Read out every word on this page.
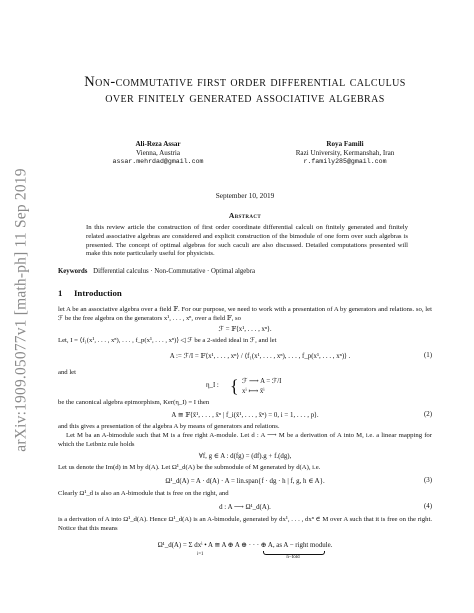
arXiv:1909.05077v1 [math-ph] 11 Sep 2019
Non-commutative first order differential calculus
over finitely generated associative algebras
Ali-Reza Assar
Vienna, Austria
assar.mehrdad@gmail.com
Roya Famili
Razi University, Kermanshah, Iran
r.family285@gmail.com
September 10, 2019
Abstract
In this review article the construction of first order coordinate differential calculi on finitely generated and finitely related associative algebras are considered and explicit construction of the bimodule of one form over such algebras is presented. The concept of optimal algebras for such caculi are also discussed. Detailed computations presented will make this note particularly useful for physicists.
Keywords Differential calculus · Non-Commutative · Optimal algebra
1 Introduction
let A be an associative algebra over a field 𝔽. For our purpose, we need to work with a presentation of A by generators and relations. so, let ℱ be the free algebra on the generators x¹, . . . , xⁿ, over a field 𝔽, so
ℱ = 𝔽⟨x¹, . . . , xⁿ⟩.
Let, I = ⟨f₁(x¹, . . . , xⁿ), . . . , f_p(x¹, . . . , xⁿ)⟩ ◁ ℱ be a 2-sided ideal in ℱ, and let
A := ℱ/I = 𝔽⟨x¹, . . . , xⁿ⟩ / ⟨f₁(x¹, . . . , xⁿ), . . . , f_p(x¹, . . . , xⁿ)⟩ .	(1)
and let
η_I : { ℱ ⟶ A = ℱ/I
xⁱ ⟼ x̄ⁱ
be the canonical algebra epimorphism, Ker(η_I) = I then
A ≅ 𝔽⟨x̄¹, . . . , x̄ⁿ | f_i(x̄¹, . . . , x̄ⁿ) = 0, i = 1, . . . , p⟩.	(2)
and this gives a presentation of the algebra A by means of generators and relations.
Let M ba an A-bimodule such that M is a free right A-module. Let d : A ⟶ M be a derivation of A into M, i.e. a linear mapping for which the Leibniz rule holds
∀f, g ∈ A : d(fg) = (df).g + f.(dg),
Let us denote the Im(d) in M by d(A). Let Ω¹_d(A) be the submodule of M generated by d(A), i.e.
Ω¹_d(A) = A · d(A) · A = lin.span{f · dg · h | f, g, h ∈ A}.	(3)
Clearly Ω¹_d is also an A-bimodule that is free on the right, and
d : A ⟶ Ω¹_d(A).	(4)
is a derivation of A into Ω¹_d(A). Hence Ω¹_d(A) is an A-bimodule, generated by dx¹, . . . , dxⁿ ∈ M over A such that it is free on the right. Notice that this means
Ω¹_d(A) = Σ dxⁱ • A ≅ A ⊕ A ⊕ · · · ⊕ A, as A − right module.
i=1
n−fold
